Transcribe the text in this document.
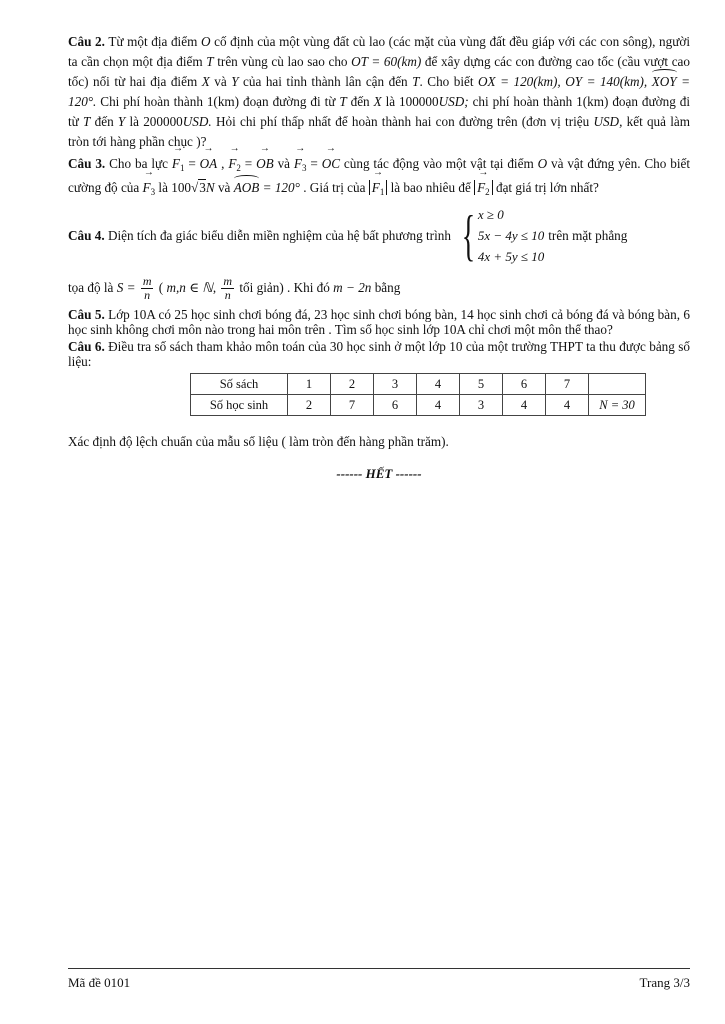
Câu 2. Từ một địa điểm O cố định của một vùng đất cù lao (các mặt của vùng đất đều giáp với các con sông), người ta cần chọn một địa điểm T trên vùng cù lao sao cho OT = 60(km) để xây dựng các con đường cao tốc (cầu vượt cao tốc) nối từ hai địa điểm X và Y của hai tỉnh thành lân cận đến T. Cho biết OX = 120(km), OY = 140(km), XOY = 120°. Chi phí hoàn thành 1(km) đoạn đường đi từ T đến X là 100000USD; chi phí hoàn thành 1(km) đoạn đường đi từ T đến Y là 200000USD. Hỏi chi phí thấp nhất để hoàn thành hai con đường trên (đơn vị triệu USD, kết quả làm tròn tới hàng phần chục )?

Câu 3. Cho ba lực → $F_1$ = → OA , → $F_2$ = → OB và → $F_3$ = → OC cùng tác động vào một vật tại điểm O và vật đứng yên. Cho biết cường độ của → $F_3$ là 100√3N và AOB = 120° . Giá trị của → $F_1$ là bao nhiêu để → $F_2$ đạt giá trị lớn nhất?

Câu 4. Diện tích đa giác biểu diễn miền nghiệm của hệ bất phương trình { x ≥ 0
5x − 4y ≤ 10
4x + 5y ≤ 10

trên mặt phẳng

tọa độ là $S = \frac{m}{n}$ ( m,n ∈ ℕ, $\frac{m}{n}$ tối giản) . Khi đó m − 2n bằng

Câu 5. Lớp 10A có 25 học sinh chơi bóng đá, 23 học sinh chơi bóng bàn, 14 học sinh chơi cả bóng đá và bóng bàn, 6 học sinh không chơi môn nào trong hai môn trên . Tìm số học sinh lớp 10A chỉ chơi một môn thể thao?

Câu 6. Điều tra số sách tham khảo môn toán của 30 học sinh ở một lớp 10 của một trường THPT ta thu được bảng số liệu:

Số sách	1	2	3	4	5	6	7	
Số học sinh	2	7	6	4	3	4	4	N = 30

Xác định độ lệch chuẩn của mẫu số liệu ( làm tròn đến hàng phần trăm).

------ HẾT ------
Mã đề 0101	Trang 3/3
